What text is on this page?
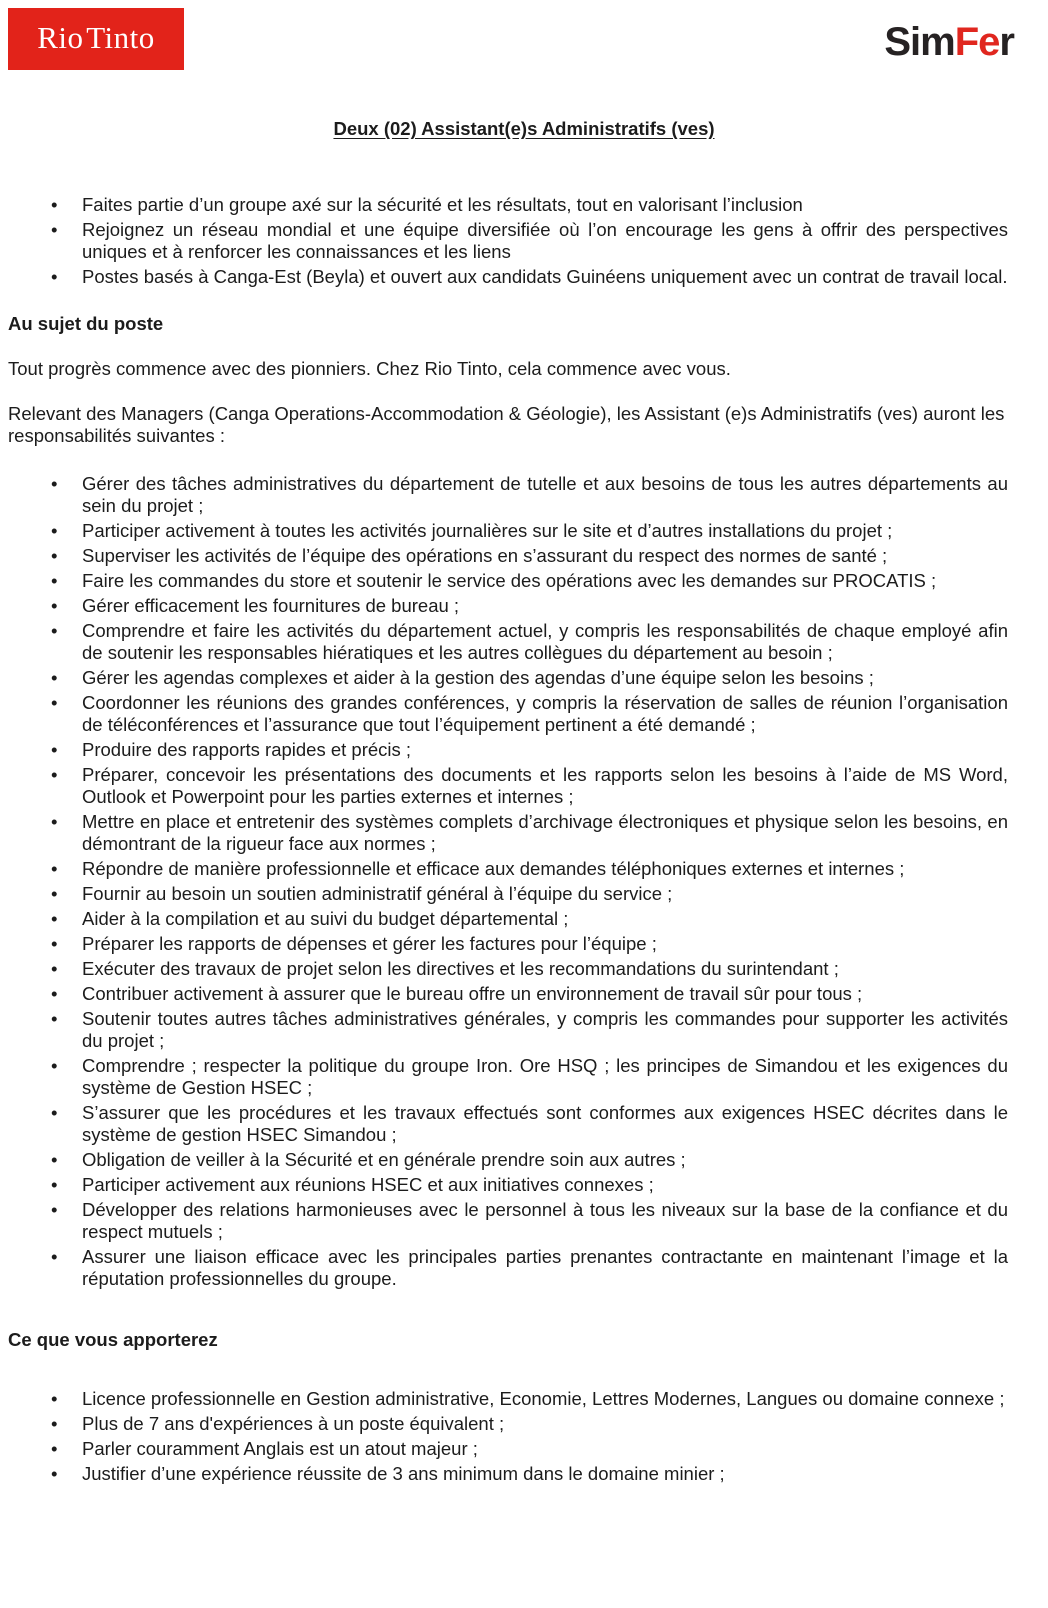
Rio Tinto	SimFer
Deux (02) Assistant(e)s Administratifs (ves)
• Faites partie d’un groupe axé sur la sécurité et les résultats, tout en valorisant l’inclusion
• Rejoignez un réseau mondial et une équipe diversifiée où l’on encourage les gens à offrir des perspectives uniques et à renforcer les connaissances et les liens
• Postes basés à Canga-Est (Beyla) et ouvert aux candidats Guinéens uniquement avec un contrat de travail local.
Au sujet du poste

Tout progrès commence avec des pionniers. Chez Rio Tinto, cela commence avec vous.

Relevant des Managers (Canga Operations-Accommodation & Géologie), les Assistant (e)s Administratifs (ves) auront les responsabilités suivantes :

• Gérer des tâches administratives du département de tutelle et aux besoins de tous les autres départements au sein du projet ;
• Participer activement à toutes les activités journalières sur le site et d’autres installations du projet ;
• Superviser les activités de l’équipe des opérations en s’assurant du respect des normes de santé ;
• Faire les commandes du store et soutenir le service des opérations avec les demandes sur PROCATIS ;
• Gérer efficacement les fournitures de bureau ;
• Comprendre et faire les activités du département actuel, y compris les responsabilités de chaque employé afin de soutenir les responsables hiératiques et les autres collègues du département au besoin ;
• Gérer les agendas complexes et aider à la gestion des agendas d’une équipe selon les besoins ;
• Coordonner les réunions des grandes conférences, y compris la réservation de salles de réunion l’organisation de téléconférences et l’assurance que tout l’équipement pertinent a été demandé ;
• Produire des rapports rapides et précis ;
• Préparer, concevoir les présentations des documents et les rapports selon les besoins à l’aide de MS Word, Outlook et Powerpoint pour les parties externes et internes ;
• Mettre en place et entretenir des systèmes complets d’archivage électroniques et physique selon les besoins, en démontrant de la rigueur face aux normes ;
• Répondre de manière professionnelle et efficace aux demandes téléphoniques externes et internes ;
• Fournir au besoin un soutien administratif général à l’équipe du service ;
• Aider à la compilation et au suivi du budget départemental ;
• Préparer les rapports de dépenses et gérer les factures pour l’équipe ;
• Exécuter des travaux de projet selon les directives et les recommandations du surintendant ;
• Contribuer activement à assurer que le bureau offre un environnement de travail sûr pour tous ;
• Soutenir toutes autres tâches administratives générales, y compris les commandes pour supporter les activités du projet ;
• Comprendre ; respecter la politique du groupe Iron. Ore HSQ ; les principes de Simandou et les exigences du système de Gestion HSEC ;
• S’assurer que les procédures et les travaux effectués sont conformes aux exigences HSEC décrites dans le système de gestion HSEC Simandou ;
• Obligation de veiller à la Sécurité et en générale prendre soin aux autres ;
• Participer activement aux réunions HSEC et aux initiatives connexes ;
• Développer des relations harmonieuses avec le personnel à tous les niveaux sur la base de la confiance et du respect mutuels ;
• Assurer une liaison efficace avec les principales parties prenantes contractante en maintenant l’image et la réputation professionnelles du groupe.
Ce que vous apporterez
• Licence professionnelle en Gestion administrative, Economie, Lettres Modernes, Langues ou domaine connexe ;
• Plus de 7 ans d'expériences à un poste équivalent ;
• Parler couramment Anglais est un atout majeur ;
• Justifier d’une expérience réussite de 3 ans minimum dans le domaine minier ;
